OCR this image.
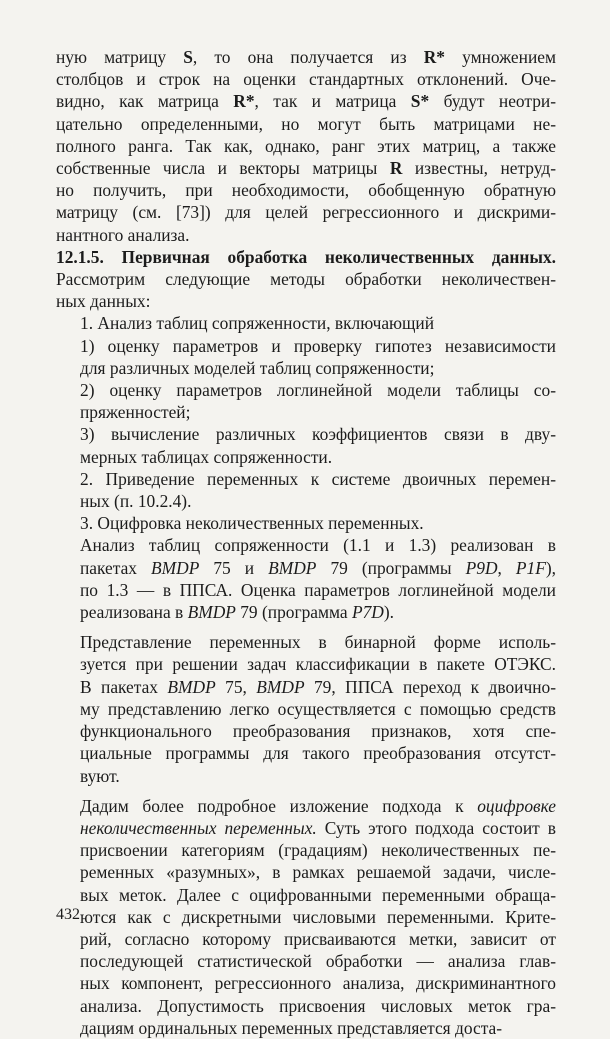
ную матрицу S, то она получается из R* умножением
столбцов и строк на оценки стандартных отклонений. Оче-
видно, как матрица R*, так и матрица S* будут неотри-
цательно определенными, но могут быть матрицами не-
полного ранга. Так как, однако, ранг этих матриц, а также
собственные числа и векторы матрицы R известны, нетруд-
но получить, при необходимости, обобщенную обратную
матрицу (см. [73]) для целей регрессионного и дискрими-
нантного анализа.

12.1.5. Первичная обработка неколичественных данных.
Рассмотрим следующие методы обработки неколичествен-
ных данных:

1. Анализ таблиц сопряженности, включающий

1) оценку параметров и проверку гипотез независимости
для различных моделей таблиц сопряженности;

2) оценку параметров логлинейной модели таблицы со-
пряженностей;

3) вычисление различных коэффициентов связи в дву-
мерных таблицах сопряженности.

2. Приведение переменных к системе двоичных перемен-
ных (п. 10.2.4).

3. Оцифровка неколичественных переменных.

Анализ таблиц сопряженности (1.1 и 1.3) реализован в
пакетах BMDP 75 и BMDP 79 (программы P9D, P1F),
по 1.3 — в ППСА. Оценка параметров логлинейной модели
реализована в BMDP 79 (программа P7D).

Представление переменных в бинарной форме исполь-
зуется при решении задач классификации в пакете ОТЭКС.
В пакетах BMDP 75, BMDP 79, ППСА переход к двоично-
му представлению легко осуществляется с помощью средств
функционального преобразования признаков, хотя спе-
циальные программы для такого преобразования отсутст-
вуют.

Дадим более подробное изложение подхода к оцифровке
неколичественных переменных. Суть этого подхода состоит в
присвоении категориям (градациям) неколичественных пе-
ременных «разумных», в рамках решаемой задачи, числе-
вых меток. Далее с оцифрованными переменными обраща-
ются как с дискретными числовыми переменными. Крите-
рий, согласно которому присваиваются метки, зависит от
последующей статистической обработки — анализа глав-
ных компонент, регрессионного анализа, дискриминантного
анализа. Допустимость присвоения числовых меток гра-
дациям ординальных переменных представляется доста-

432
